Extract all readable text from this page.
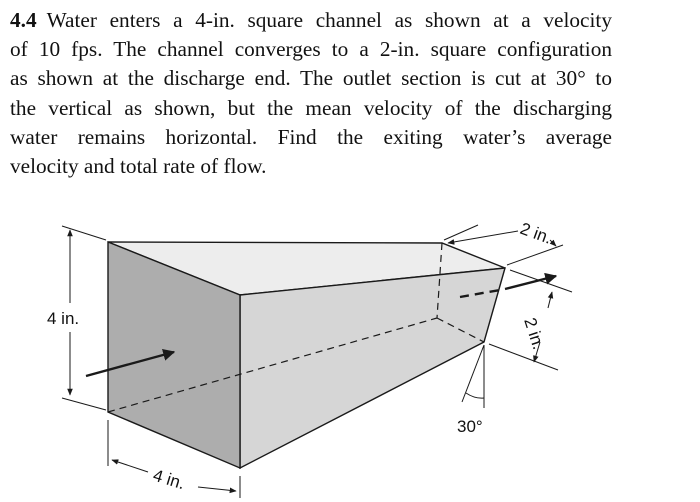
4.4 Water enters a 4-in. square channel as shown at a velocity
of 10 fps. The channel converges to a 2-in. square configuration
as shown at the discharge end. The outlet section is cut at 30° to
the vertical as shown, but the mean velocity of the discharging
water remains horizontal. Find the exiting water’s average
velocity and total rate of flow.
4 in.
4 in.
2 in.
2 in.
30°
